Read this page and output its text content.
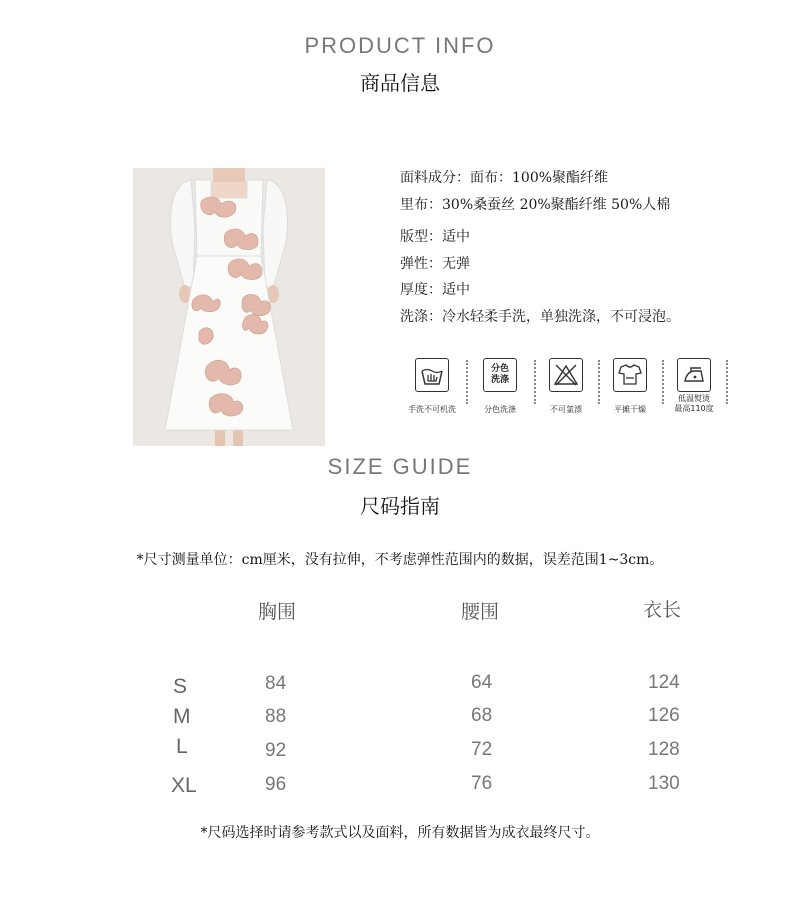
PRODUCT INFO
商品信息
面料成分：面布：100%聚酯纤维
里布：30%桑蚕丝 20%聚酯纤维 50%人棉
版型：适中
弹性：无弹
厚度：适中
洗涤：冷水轻柔手洗，单独洗涤，不可浸泡。
手洗不可机洗
分色
洗涤
分色洗涤	不可氯漂	平摊干燥
低温熨烫
最高110度
SIZE GUIDE
尺码指南
*尺寸测量单位：cm厘米，没有拉伸，不考虑弹性范围内的数据，误差范围1~3cm。
胸围	腰围	衣长
S	84	64	124
M	88	68	126
L	92	72	128
XL	96	76	130
*尺码选择时请参考款式以及面料，所有数据皆为成衣最终尺寸。
